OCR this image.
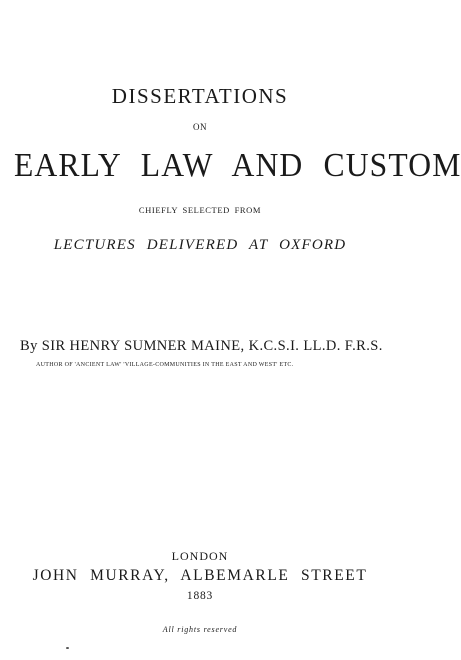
DISSERTATIONS
ON
EARLY LAW AND CUSTOM
CHIEFLY SELECTED FROM
LECTURES DELIVERED AT OXFORD
By SIR HENRY SUMNER MAINE, K.C.S.I. LL.D. F.R.S.
AUTHOR OF 'ANCIENT LAW' 'VILLAGE-COMMUNITIES IN THE EAST AND WEST' ETC.
LONDON
JOHN MURRAY, ALBEMARLE STREET
1883
All rights reserved
